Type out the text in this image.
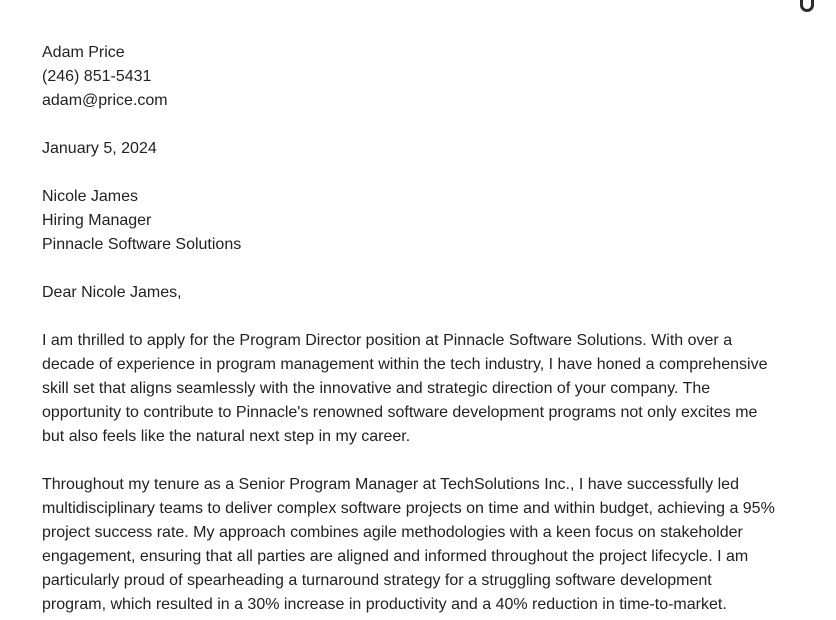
Adam Price
(246) 851-5431
adam@price.com
January 5, 2024
Nicole James
Hiring Manager
Pinnacle Software Solutions
Dear Nicole James,
I am thrilled to apply for the Program Director position at Pinnacle Software Solutions. With over a
decade of experience in program management within the tech industry, I have honed a comprehensive
skill set that aligns seamlessly with the innovative and strategic direction of your company. The
opportunity to contribute to Pinnacle's renowned software development programs not only excites me
but also feels like the natural next step in my career.
Throughout my tenure as a Senior Program Manager at TechSolutions Inc., I have successfully led
multidisciplinary teams to deliver complex software projects on time and within budget, achieving a 95%
project success rate. My approach combines agile methodologies with a keen focus on stakeholder
engagement, ensuring that all parties are aligned and informed throughout the project lifecycle. I am
particularly proud of spearheading a turnaround strategy for a struggling software development
program, which resulted in a 30% increase in productivity and a 40% reduction in time-to-market.
